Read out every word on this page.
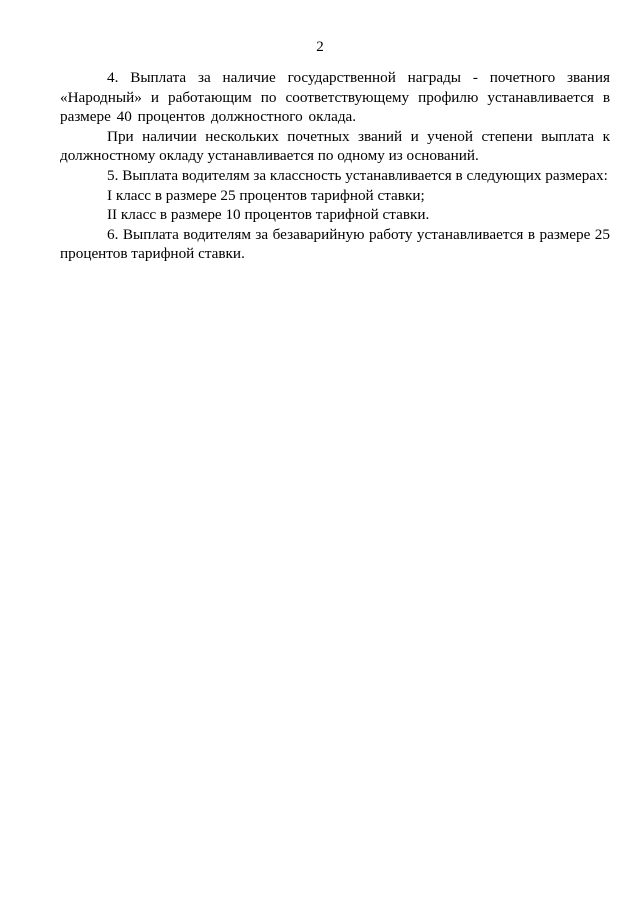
2

4. Выплата за наличие государственной награды - почетного звания «Народный» и работающим по соответствующему профилю устанавливается в размере 40 процентов должностного оклада.

При наличии нескольких почетных званий и ученой степени выплата к должностному окладу устанавливается по одному из оснований.

5. Выплата водителям за классность устанавливается в следующих размерах:

I класс в размере 25 процентов тарифной ставки;

II класс в размере 10 процентов тарифной ставки.

6. Выплата водителям за безаварийную работу устанавливается в размере 25 процентов тарифной ставки.
